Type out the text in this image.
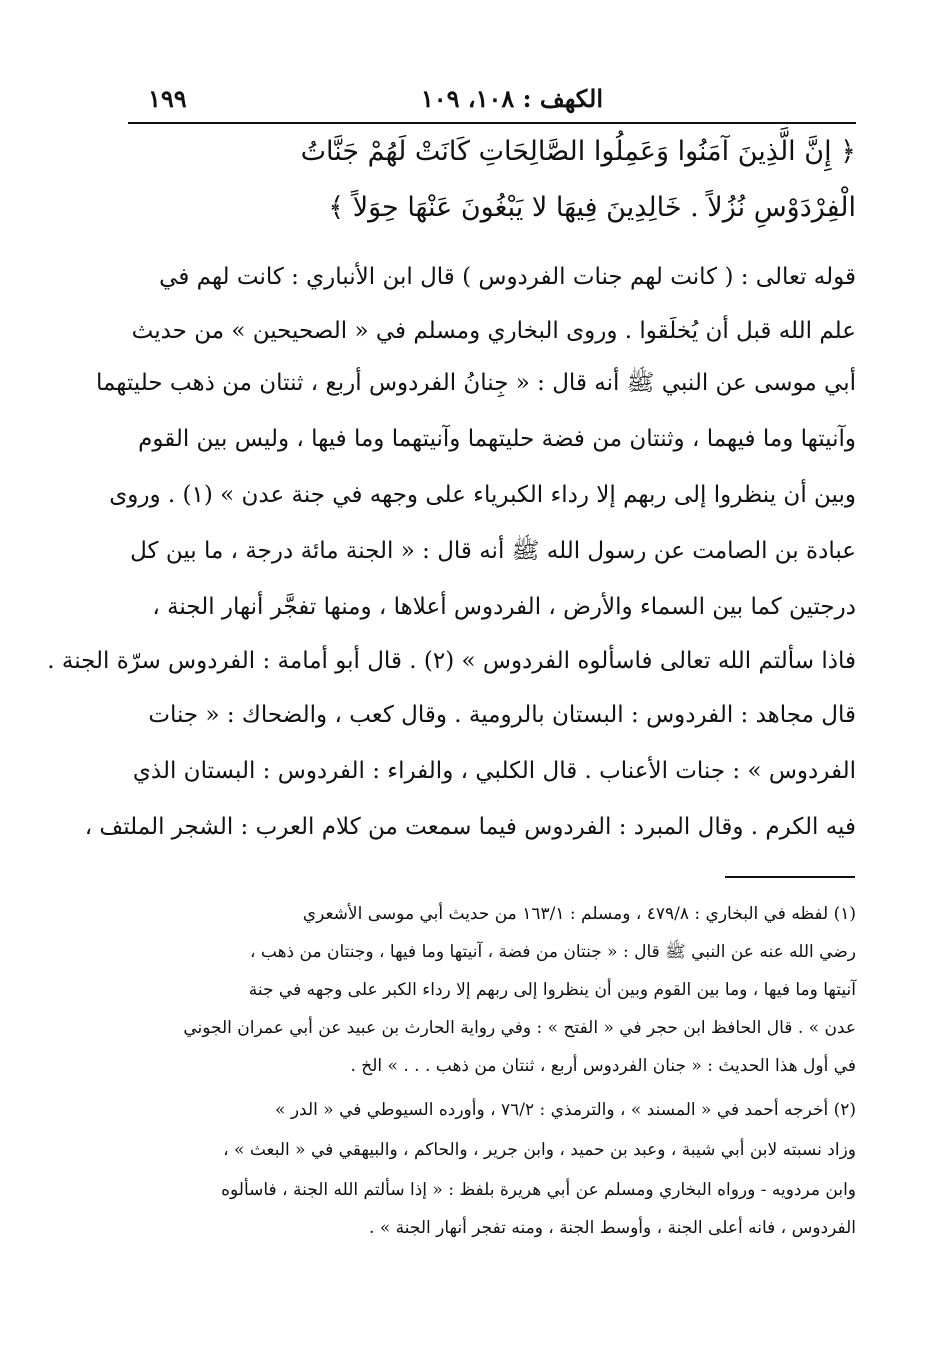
الكهف : ١٠٨، ١٠٩
١٩٩
﴿ إِنَّ الَّذِينَ آمَنُوا وَعَمِلُوا الصَّالِحَاتِ كَانَتْ لَهُمْ جَنَّاتُ
الْفِرْدَوْسِ نُزُلاً . خَالِدِينَ فِيهَا لا يَبْغُونَ عَنْهَا حِوَلاً ﴾
قوله تعالى : ( كانت لهم جنات الفردوس ) قال ابن الأنباري : كانت لهم في
علم الله قبل أن يُخلَقوا . وروى البخاري ومسلم في « الصحيحين » من حديث
أبي موسى عن النبي ﷺ أنه قال : « جِنانُ الفردوس أربع ، ثنتان من ذهب حليتهما
وآنيتها وما فيهما ، وثنتان من فضة حليتهما وآنيتهما وما فيها ، وليس بين القوم
وبين أن ينظروا إلى ربهم إلا رداء الكبرياء على وجهه في جنة عدن » (١) . وروى
عبادة بن الصامت عن رسول الله ﷺ أنه قال : « الجنة مائة درجة ، ما بين كل
درجتين كما بين السماء والأرض ، الفردوس أعلاها ، ومنها تفجَّر أنهار الجنة ،
فاذا سألتم الله تعالى فاسألوه الفردوس » (٢) . قال أبو أمامة : الفردوس سرّة الجنة .
قال مجاهد : الفردوس : البستان بالرومية . وقال كعب ، والضحاك : « جنات
الفردوس » : جنات الأعناب . قال الكلبي ، والفراء : الفردوس : البستان الذي
فيه الكرم . وقال المبرد : الفردوس فيما سمعت من كلام العرب : الشجر الملتف ،
(١) لفظه في البخاري : ٤٧٩/٨ ، ومسلم : ١٦٣/١ من حديث أبي موسى الأشعري
رضي الله عنه عن النبي ﷺ قال : « جنتان من فضة ، آنيتها وما فيها ، وجنتان من ذهب ،
آنيتها وما فيها ، وما بين القوم وبين أن ينظروا إلى ربهم إلا رداء الكبر على وجهه في جنة
عدن » . قال الحافظ ابن حجر في « الفتح » : وفي رواية الحارث بن عبيد عن أبي عمران الجوني
في أول هذا الحديث : « جنان الفردوس أربع ، ثنتان من ذهب . . . » الخ .
(٢) أخرجه أحمد في « المسند » ، والترمذي : ٧٦/٢ ، وأورده السيوطي في « الدر »
وزاد نسبته لابن أبي شيبة ، وعبد بن حميد ، وابن جرير ، والحاكم ، والبيهقي في « البعث » ،
وابن مردويه - ورواه البخاري ومسلم عن أبي هريرة بلفظ : « إذا سألتم الله الجنة ، فاسألوه
الفردوس ، فانه أعلى الجنة ، وأوسط الجنة ، ومنه تفجر أنهار الجنة » .
